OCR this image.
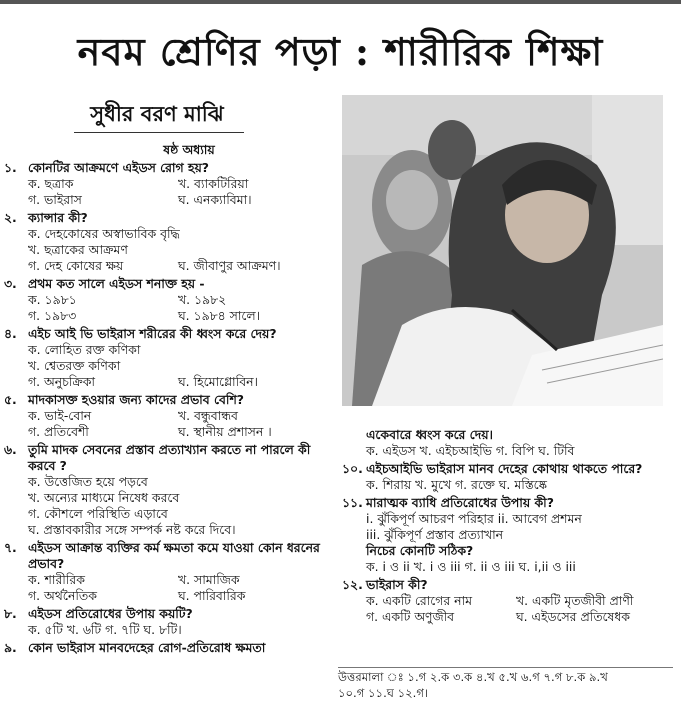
নবম শ্রেণির পড়া : শারীরিক শিক্ষা
সুধীর বরণ মাঝি
ষষ্ঠ অধ্যায়
১. কোনটির আক্রমণে এইডস রোগ হয়?
ক. ছত্রাক	খ. ব্যাকটিরিয়া
গ. ভাইরাস	ঘ. এনক্যাবিমা।
২. ক্যান্সার কী?
ক. দেহকোষের অস্বাভাবিক বৃদ্ধি
খ. ছত্রাকের আক্রমণ
গ. দেহ কোষের ক্ষয়	ঘ. জীবাণুর আক্রমণ।
৩. প্রথম কত সালে এইডস শনাক্ত হয় -
ক. ১৯৮১	খ. ১৯৮২
গ. ১৯৮৩	ঘ. ১৯৮৪ সালে।
৪. এইচ আই ভি ভাইরাস শরীরের কী ধ্বংস করে দেয়?
ক. লোহিত রক্ত কণিকা
খ. শ্বেতরক্ত কণিকা
গ. অনুচক্রিকা	ঘ. হিমোগ্লোবিন।
৫. মাদকাসক্ত হওয়ার জন্য কাদের প্রভাব বেশি?
ক. ভাই-বোন	খ. বন্ধুবান্ধব
গ. প্রতিবেশী	ঘ. স্থানীয় প্রশাসন ।
৬. তুমি মাদক সেবনের প্রস্তাব প্রত্যাখ্যান করতে না পারলে কী করবে ?
ক. উত্তেজিত হয়ে পড়বে
খ. অন্যের মাধ্যমে নিষেধ করবে
গ. কৌশলে পরিস্থিতি এড়াবে
ঘ. প্রস্তাবকারীর সঙ্গে সম্পর্ক নষ্ট করে দিবে।
৭. এইডস আক্রান্ত ব্যক্তির কর্ম ক্ষমতা কমে যাওয়া কোন ধরনের প্রভাব?
ক. শারীরিক	খ. সামাজিক
গ. অর্থনৈতিক	ঘ. পারিবারিক
৮. এইডস প্রতিরোধের উপায় কয়টি?
ক. ৫টি খ. ৬টি গ. ৭টি ঘ. ৮টি।
৯. কোন ভাইরাস মানবদেহের রোগ-প্রতিরোধ ক্ষমতা
একেবারে ধ্বংস করে দেয়।
ক. এইডস খ. এইচআইভি গ. বিপি ঘ. টিবি
১০. এইচআইভি ভাইরাস মানব দেহের কোথায় থাকতে পারে?
ক. শিরায় খ. মুখে গ. রক্তে ঘ. মস্তিষ্কে
১১. মারাত্মক ব্যাধি প্রতিরোধের উপায় কী?
i. ঝুঁকিপূর্ণ আচরণ পরিহার ii. আবেগ প্রশমন
iii. ঝুঁকিপূর্ণ প্রস্তাব প্রত্যাখান
নিচের কোনটি সঠিক?
ক. i ও ii খ. i ও iii গ. ii ও iii ঘ. i,ii ও iii
১২. ভাইরাস কী?
ক. একটি রোগের নাম	খ. একটি মৃতজীবী প্রাণী
গ. একটি অণুজীব	ঘ. এইডসের প্রতিষেধক
উত্তরমালা ঃ ১.গ ২.ক ৩.ক ৪.খ ৫.খ ৬.গ ৭.গ ৮.ক ৯.খ
১০.গ ১১.ঘ ১২.গ।
